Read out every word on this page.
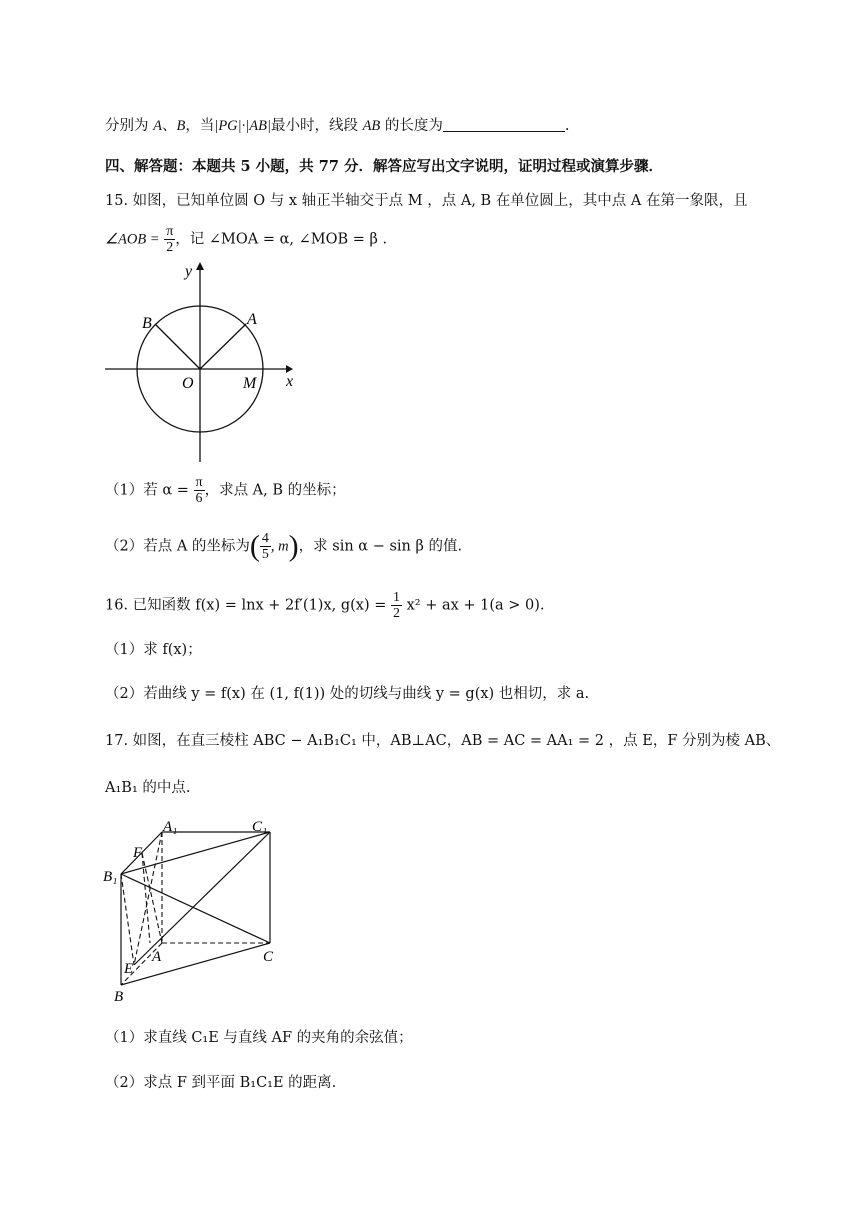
分别为 A、B，当|PG|·|AB|最小时，线段 AB 的长度为	.
四、解答题：本题共 5 小题，共 77 分．解答应写出文字说明，证明过程或演算步骤．
15. 如图，已知单位圆 O 与 x 轴正半轴交于点 M ，点 A, B 在单位圆上，其中点 A 在第一象限，且
∠AOB = $\frac{\pi}{2}$ ，记 ∠MOA = α, ∠MOB = β .
y
x
O
A
B
M
（1）若 $\alpha = \frac{\pi}{6}$ ，求点 A, B 的坐标；
（2）若点 A 的坐标为( $\frac{4}{5}$ , m)，求 sin α − sin β 的值.
16. 已知函数 f(x) = lnx + 2f′(1)x, $g(x) = \frac{1}{2} x^2$ + ax + 1(a > 0).
（1）求 f(x)；
（2）若曲线 y = f(x) 在 (1, f(1)) 处的切线与曲线 y = g(x) 也相切，求 a.
17. 如图，在直三棱柱 ABC − A₁B₁C₁ 中，AB⊥AC，AB = AC = AA₁ = 2 ，点 E，F 分别为棱 AB、
A₁B₁ 的中点.
A₁	C₁
F
B₁
A
E
C
B
（1）求直线 C₁E 与直线 AF 的夹角的余弦值；
（2）求点 F 到平面 B₁C₁E 的距离.
